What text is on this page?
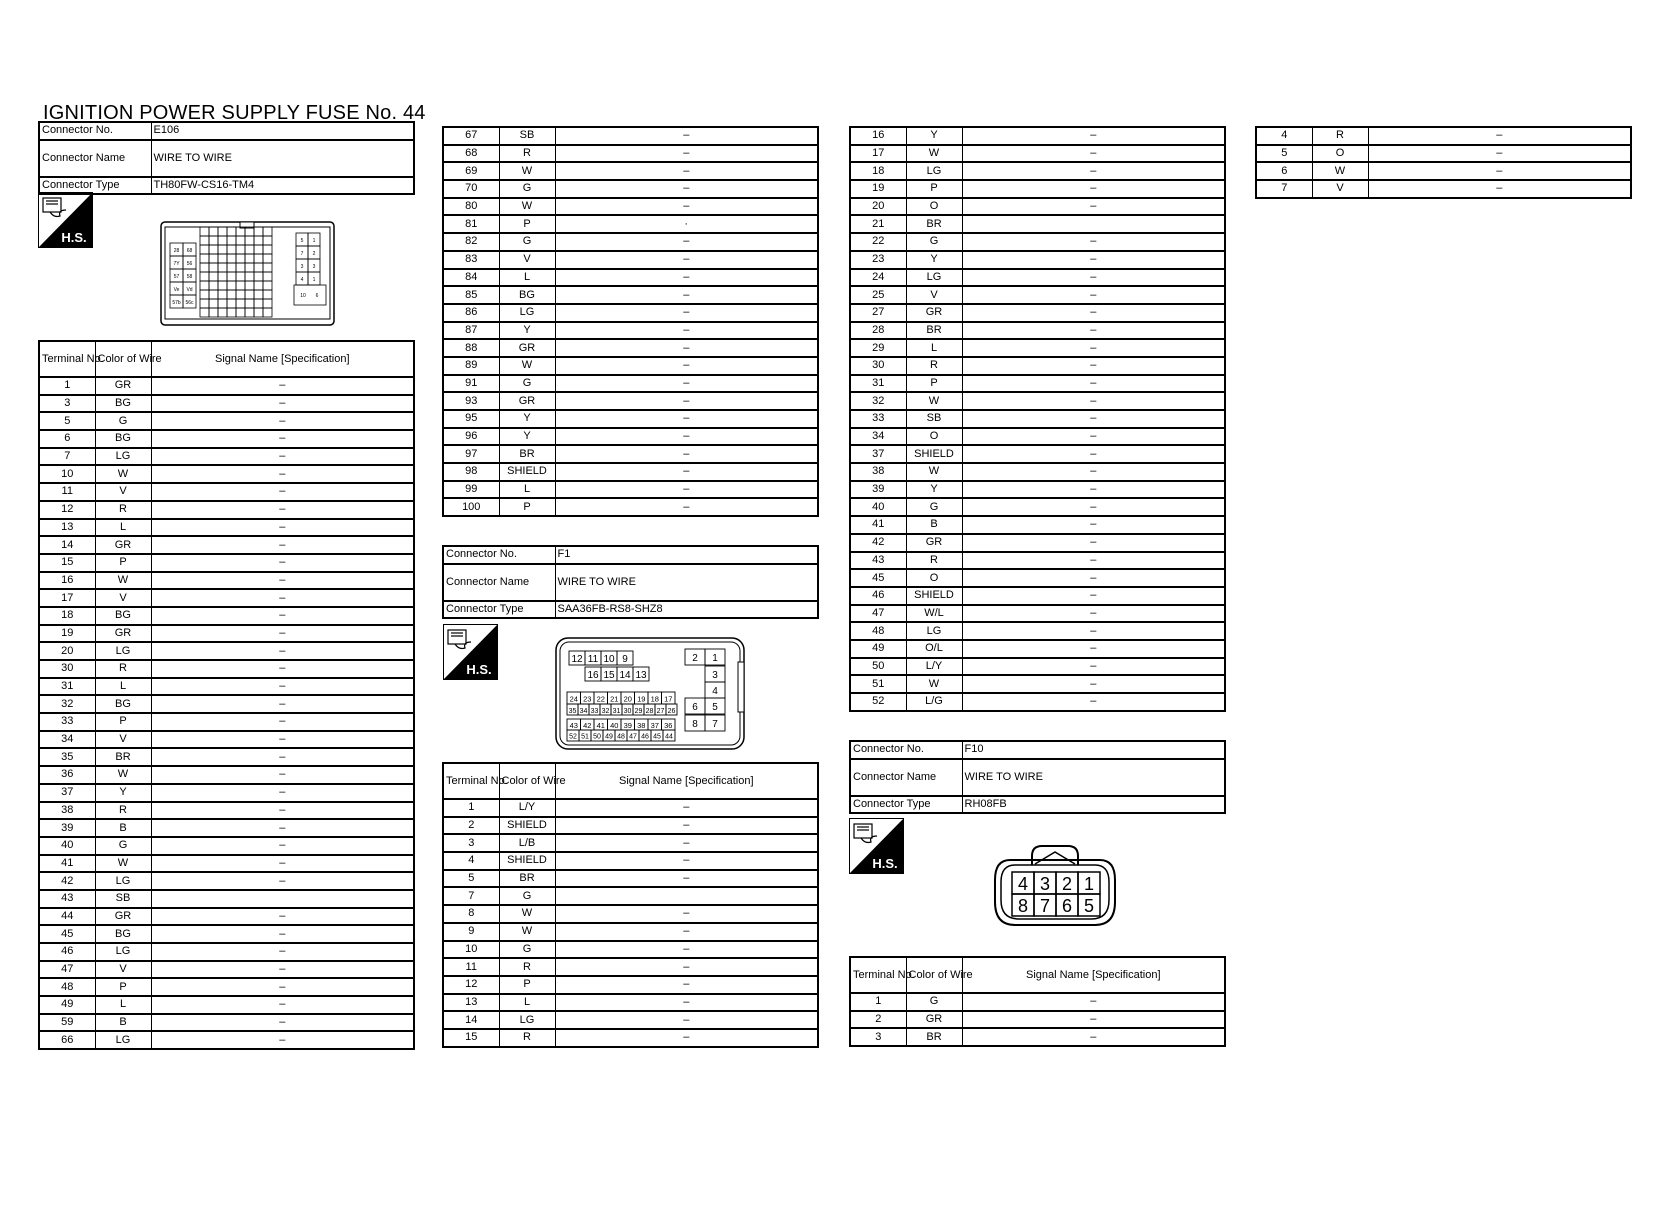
IGNITION POWER SUPPLY FUSE No. 44
Connector No.	E106
Connector Name	WIRE TO WIRE
Connector Type	TH80FW-CS16-TM4
H.S.
28 68
7Y 56
57 58
Ve Vd
57b 56c
5 1
7 2
3 3
4 1
10 6
Terminal No.	Color of Wire	Signal Name [Specification]
1	GR	–
3	BG	–
5	G	–
6	BG	–
7	LG	–
10	W	–
11	V	–
12	R	–
13	L	–
14	GR	–
15	P	–
16	W	–
17	V	–
18	BG	–
19	GR	–
20	LG	–
30	R	–
31	L	–
32	BG	–
33	P	–
34	V	–
35	BR	–
36	W	–
37	Y	–
38	R	–
39	B	–
40	G	–
41	W	–
42	LG	–
43	SB	
44	GR	–
45	BG	–
46	LG	–
47	V	–
48	P	–
49	L	–
59	B	–
66	LG	–
67	SB	–
68	R	–
69	W	–
70	G	–
80	W	–
81	P	·
82	G	–
83	V	–
84	L	–
85	BG	–
86	LG	–
87	Y	–
88	GR	–
89	W	–
91	G	–
93	GR	–
95	Y	–
96	Y	–
97	BR	–
98	SHIELD	–
99	L	–
100	P	–
Connector No.	F1
Connector Name	WIRE TO WIRE
Connector Type	SAA36FB-RS8-SHZ8
H.S.
12 11 10 9
16 15 14 13
24 23 22 21 20 19 18 17
35 34 33 32 31 30 29 28 27 26
43 42 41 40 39 38 37 36
52 51 50 49 48 47 46 45 44
2 1
3
4
6 5
8 7
Terminal No.	Color of Wire	Signal Name [Specification]
1	L/Y	–
2	SHIELD	–
3	L/B	–
4	SHIELD	–
5	BR	–
7	G	
8	W	–
9	W	–
10	G	–
11	R	–
12	P	–
13	L	–
14	LG	–
15	R	–
16	Y	–
17	W	–
18	LG	–
19	P	–
20	O	–
21	BR	
22	G	–
23	Y	–
24	LG	–
25	V	–
27	GR	–
28	BR	–
29	L	–
30	R	–
31	P	–
32	W	–
33	SB	–
34	O	–
37	SHIELD	–
38	W	–
39	Y	–
40	G	–
41	B	–
42	GR	–
43	R	–
45	O	–
46	SHIELD	–
47	W/L	–
48	LG	–
49	O/L	–
50	L/Y	–
51	W	–
52	L/G	–
Connector No.	F10
Connector Name	WIRE TO WIRE
Connector Type	RH08FB
H.S.
4 3 2 1
8 7 6 5
Terminal No.	Color of Wire	Signal Name [Specification]
1	G	–
2	GR	–
3	BR	–
4	R	–
5	O	–
6	W	–
7	V	–
